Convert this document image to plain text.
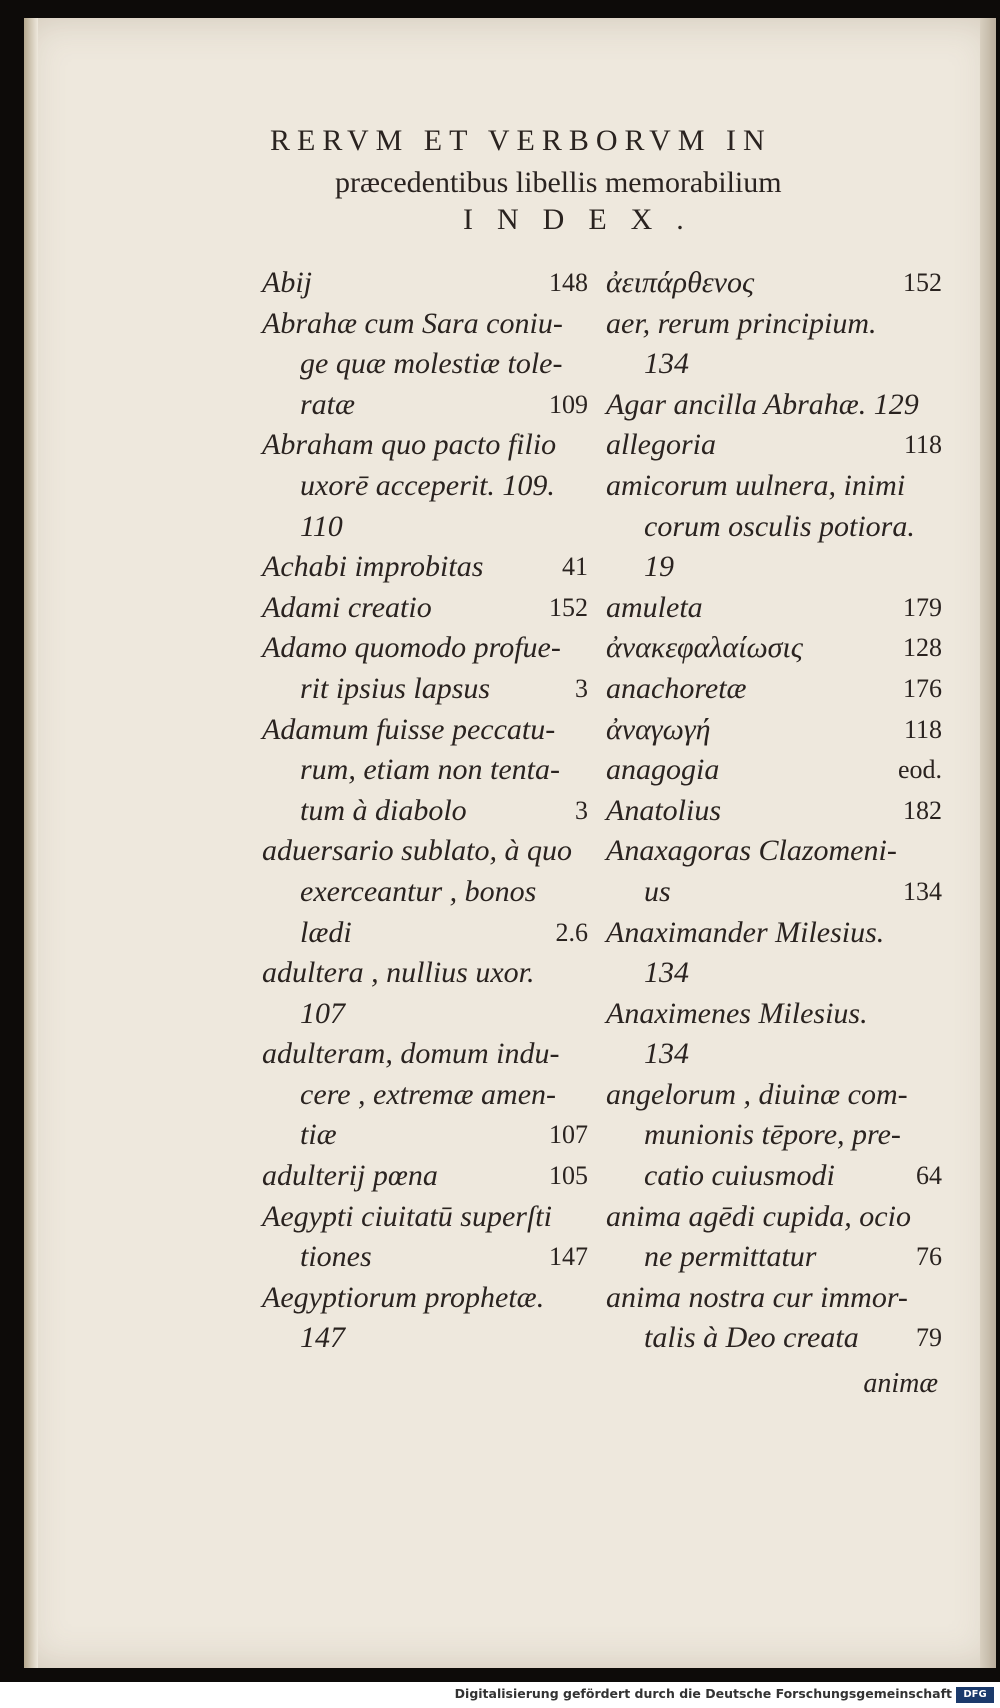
RERVM ET VERBORVM IN
præcedentibus libellis memorabilium
INDEX.
Abij	148
Abrahæ cum Sara coniu-
ge quæ molestiæ tole-
ratæ	109
Abraham quo pacto filio
uxorē acceperit. 109.
110
Achabi improbitas	41
Adami creatio	152
Adamo quomodo profue-
rit ipsius lapsus	3
Adamum fuisse peccatu-
rum, etiam non tenta-
tum à diabolo	3
aduersario sublato, à quo
exerceantur , bonos
lædi	2.6
adultera , nullius uxor.
107
adulteram, domum indu-
cere , extremæ amen-
tiæ	107
adulterij pœna	105
Aegypti ciuitatū superſti
tiones	147
Aegyptiorum prophetæ.
147
ἀειπάρθενος	152
aer, rerum principium.
134
Agar ancilla Abrahæ. 129
allegoria	118
amicorum uulnera, inimi
corum osculis potiora.
19
amuleta	179
ἀνακεφαλαίωσις	128
anachoretæ	176
ἀναγωγή	118
anagogia	eod.
Anatolius	182
Anaxagoras Clazomeni-
us	134
Anaximander Milesius.
134
Anaximenes Milesius.
134
angelorum , diuinæ com-
munionis tēpore, pre-
catio cuiusmodi	64
anima agēdi cupida, ocio
ne permittatur	76
anima nostra cur immor-
talis à Deo creata 79
animæ
Digitalisierung gefördert durch die Deutsche Forschungsgemeinschaft	DFG
